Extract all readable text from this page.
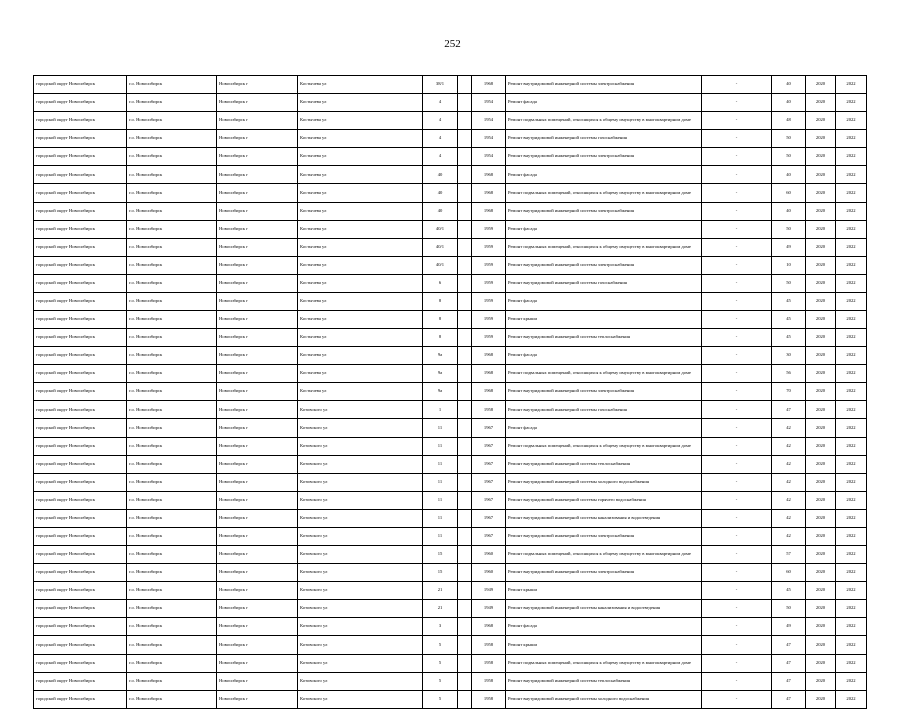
252
городской округ Новосибирск	г.о. Новосибирск	Новосибирск г	Костычева ул	38/1		1968	Ремонт внутридомовой инженерной системы электроснабжения	-	40	2020	2022
городской округ Новосибирск	г.о. Новосибирск	Новосибирск г	Костычева ул	4		1954	Ремонт фасада	-	40	2020	2022
городской округ Новосибирск	г.о. Новосибирск	Новосибирск г	Костычева ул	4		1954	Ремонт подвальных помещений, относящихся к общему имуществу в многоквартирном доме	-	48	2020	2022
городской округ Новосибирск	г.о. Новосибирск	Новосибирск г	Костычева ул	4		1954	Ремонт внутридомовой инженерной системы газоснабжения	-	50	2020	2022
городской округ Новосибирск	г.о. Новосибирск	Новосибирск г	Костычева ул	4		1954	Ремонт внутридомовой инженерной системы электроснабжения	-	50	2020	2022
городской округ Новосибирск	г.о. Новосибирск	Новосибирск г	Костычева ул	40		1968	Ремонт фасада	-	40	2020	2022
городской округ Новосибирск	г.о. Новосибирск	Новосибирск г	Костычева ул	40		1968	Ремонт подвальных помещений, относящихся к общему имуществу в многоквартирном доме	-	60	2020	2022
городской округ Новосибирск	г.о. Новосибирск	Новосибирск г	Костычева ул	40		1968	Ремонт внутридомовой инженерной системы электроснабжения	-	40	2020	2022
городской округ Новосибирск	г.о. Новосибирск	Новосибирск г	Костычева ул	40/1		1959	Ремонт фасада	-	50	2020	2022
городской округ Новосибирск	г.о. Новосибирск	Новосибирск г	Костычева ул	40/1		1959	Ремонт подвальных помещений, относящихся к общему имуществу в многоквартирном доме	-	49	2020	2022
городской округ Новосибирск	г.о. Новосибирск	Новосибирск г	Костычева ул	40/1		1959	Ремонт внутридомовой инженерной системы электроснабжения	-	10	2020	2022
городской округ Новосибирск	г.о. Новосибирск	Новосибирск г	Костычева ул	6		1959	Ремонт внутридомовой инженерной системы газоснабжения	-	50	2020	2022
городской округ Новосибирск	г.о. Новосибирск	Новосибирск г	Костычева ул	8		1959	Ремонт фасада	-	45	2020	2022
городской округ Новосибирск	г.о. Новосибирск	Новосибирск г	Костычева ул	8		1959	Ремонт крыши	-	45	2020	2022
городской округ Новосибирск	г.о. Новосибирск	Новосибирск г	Костычева ул	8		1959	Ремонт внутридомовой инженерной системы теплоснабжения	-	45	2020	2022
городской округ Новосибирск	г.о. Новосибирск	Новосибирск г	Костычева ул	9а		1968	Ремонт фасада	-	30	2020	2022
городской округ Новосибирск	г.о. Новосибирск	Новосибирск г	Костычева ул	9а		1968	Ремонт подвальных помещений, относящихся к общему имуществу в многоквартирном доме	-	56	2020	2022
городской округ Новосибирск	г.о. Новосибирск	Новосибирск г	Костычева ул	9а		1968	Ремонт внутридомовой инженерной системы электроснабжения	-	70	2020	2022
городской округ Новосибирск	г.о. Новосибирск	Новосибирск г	Котовского ул	1		1958	Ремонт внутридомовой инженерной системы газоснабжения	-	47	2020	2022
городской округ Новосибирск	г.о. Новосибирск	Новосибирск г	Котовского ул	11		1967	Ремонт фасада	-	42	2020	2022
городской округ Новосибирск	г.о. Новосибирск	Новосибирск г	Котовского ул	11		1967	Ремонт подвальных помещений, относящихся к общему имуществу в многоквартирном доме	-	42	2020	2022
городской округ Новосибирск	г.о. Новосибирск	Новосибирск г	Котовского ул	11		1967	Ремонт внутридомовой инженерной системы теплоснабжения	-	42	2020	2022
городской округ Новосибирск	г.о. Новосибирск	Новосибирск г	Котовского ул	11		1967	Ремонт внутридомовой инженерной системы холодного водоснабжения	-	42	2020	2022
городской округ Новосибирск	г.о. Новосибирск	Новосибирск г	Котовского ул	11		1967	Ремонт внутридомовой инженерной системы горячего водоснабжения	-	42	2020	2022
городской округ Новосибирск	г.о. Новосибирск	Новосибирск г	Котовского ул	11		1967	Ремонт внутридомовой инженерной системы канализования и водоотведения	-	42	2020	2022
городской округ Новосибирск	г.о. Новосибирск	Новосибирск г	Котовского ул	11		1967	Ремонт внутридомовой инженерной системы электроснабжения	-	42	2020	2022
городской округ Новосибирск	г.о. Новосибирск	Новосибирск г	Котовского ул	15		1960	Ремонт подвальных помещений, относящихся к общему имуществу в многоквартирном доме	-	57	2020	2022
городской округ Новосибирск	г.о. Новосибирск	Новосибирск г	Котовского ул	15		1960	Ремонт внутридомовой инженерной системы электроснабжения	-	60	2020	2022
городской округ Новосибирск	г.о. Новосибирск	Новосибирск г	Котовского ул	21		1949	Ремонт крыши	-	45	2020	2022
городской округ Новосибирск	г.о. Новосибирск	Новосибирск г	Котовского ул	21		1949	Ремонт внутридомовой инженерной системы канализования и водоотведения	-	50	2020	2022
городской округ Новосибирск	г.о. Новосибирск	Новосибирск г	Котовского ул	3		1968	Ремонт фасада	-	49	2020	2022
городской округ Новосибирск	г.о. Новосибирск	Новосибирск г	Котовского ул	5		1958	Ремонт крыши	-	47	2020	2022
городской округ Новосибирск	г.о. Новосибирск	Новосибирск г	Котовского ул	5		1958	Ремонт подвальных помещений, относящихся к общему имуществу в многоквартирном доме	-	47	2020	2022
городской округ Новосибирск	г.о. Новосибирск	Новосибирск г	Котовского ул	5		1958	Ремонт внутридомовой инженерной системы теплоснабжения	-	47	2020	2022
городской округ Новосибирск	г.о. Новосибирск	Новосибирск г	Котовского ул	5		1958	Ремонт внутридомовой инженерной системы холодного водоснабжения	-	47	2020	2022
